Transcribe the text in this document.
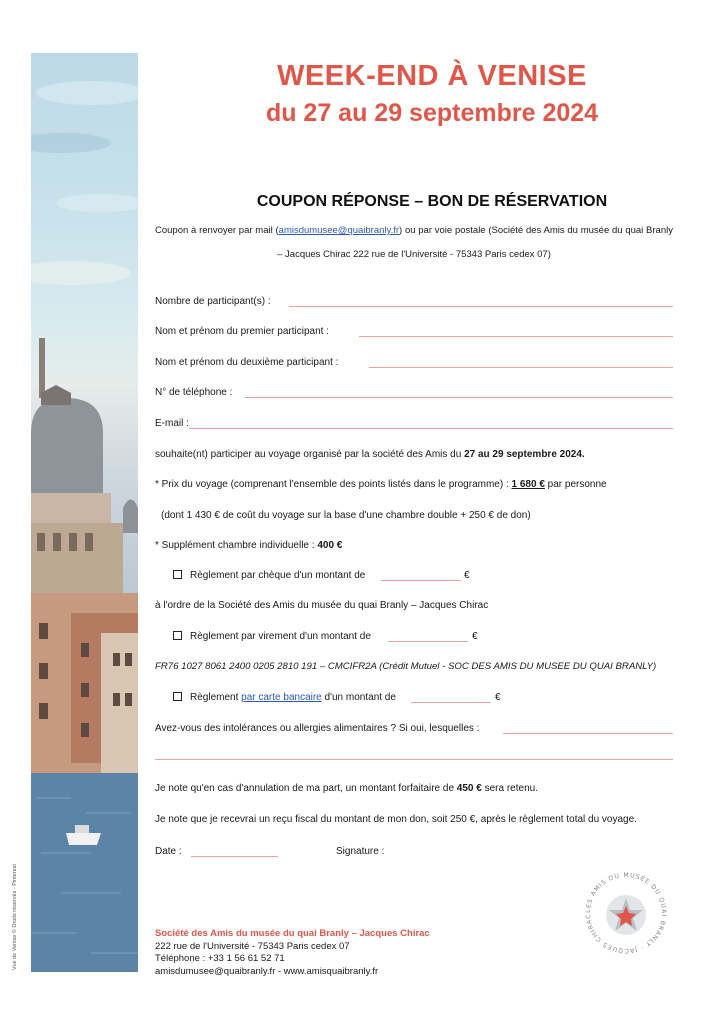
Vue de Venise © Droits réservés - Pinterest
WEEK-END À VENISE
du 27 au 29 septembre 2024
COUPON RÉPONSE – BON DE RÉSERVATION
Coupon à renvoyer par mail (amisdumusee@quaibranly.fr) ou par voie postale (Société des Amis du musée du quai Branly – Jacques Chirac 222 rue de l'Université - 75343 Paris cedex 07)
Nombre de participant(s) :
Nom et prénom du premier participant :
Nom et prénom du deuxième participant :
N° de téléphone :
E-mail :
souhaite(nt) participer au voyage organisé par la société des Amis du 27 au 29 septembre 2024.
* Prix du voyage (comprenant l'ensemble des points listés dans le programme) : 1 680 € par personne
(dont 1 430 € de coût du voyage sur la base d'une chambre double + 250 € de don)
* Supplément chambre individuelle : 400 €
Règlement par chèque d'un montant de	€
à l'ordre de la Société des Amis du musée du quai Branly – Jacques Chirac
Règlement par virement d'un montant de	€
FR76 1027 8061 2400 0205 2810 191 – CMCIFR2A (Crédit Mutuel - SOC DES AMIS DU MUSEE DU QUAI BRANLY)
Règlement par carte bancaire d'un montant de	€
Avez-vous des intolérances ou allergies alimentaires ? Si oui, lesquelles :
Je note qu'en cas d'annulation de ma part, un montant forfaitaire de 450 € sera retenu.
Je note que je recevrai un reçu fiscal du montant de mon don, soit 250 €, après le règlement total du voyage.
Date :	Signature :
Société des Amis du musée du quai Branly – Jacques Chirac
222 rue de l'Université - 75343 Paris cedex 07
Téléphone : +33 1 56 61 52 71
amisdumusee@quaibranly.fr - www.amisquaibranly.fr
LES AMIS DU MUSÉE DU QUAI BRANLY · JACQUES CHIRAC
